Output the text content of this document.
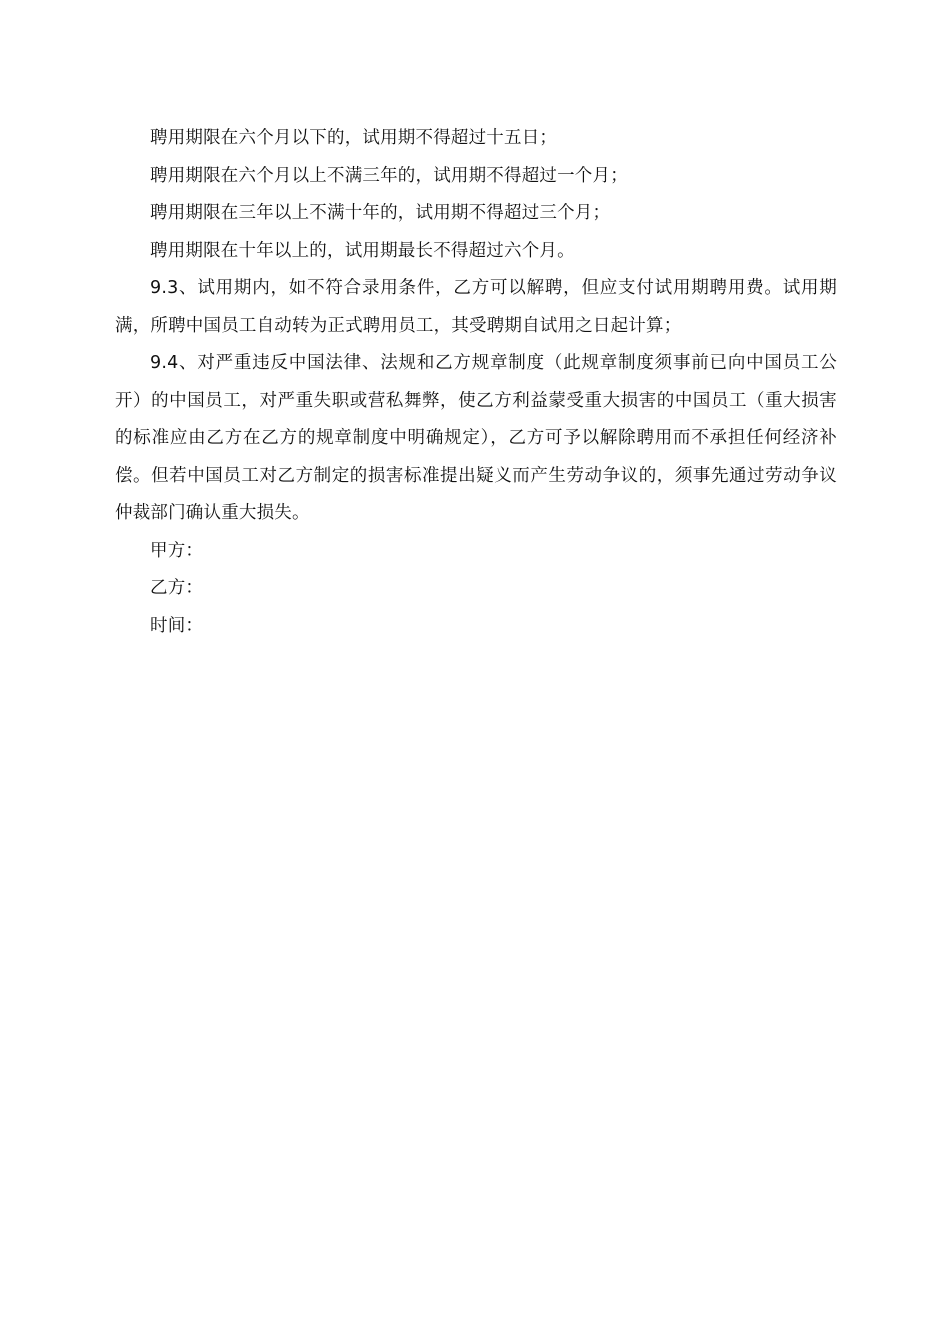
聘用期限在六个月以下的，试用期不得超过十五日；

聘用期限在六个月以上不满三年的，试用期不得超过一个月；

聘用期限在三年以上不满十年的，试用期不得超过三个月；

聘用期限在十年以上的，试用期最长不得超过六个月。

9.3、试用期内，如不符合录用条件，乙方可以解聘，但应支付试用期聘用费。试用期满，所聘中国员工自动转为正式聘用员工，其受聘期自试用之日起计算；

9.4、对严重违反中国法律、法规和乙方规章制度（此规章制度须事前已向中国员工公开）的中国员工，对严重失职或营私舞弊，使乙方利益蒙受重大损害的中国员工（重大损害的标准应由乙方在乙方的规章制度中明确规定），乙方可予以解除聘用而不承担任何经济补偿。但若中国员工对乙方制定的损害标准提出疑义而产生劳动争议的，须事先通过劳动争议仲裁部门确认重大损失。

甲方：

乙方：

时间：
